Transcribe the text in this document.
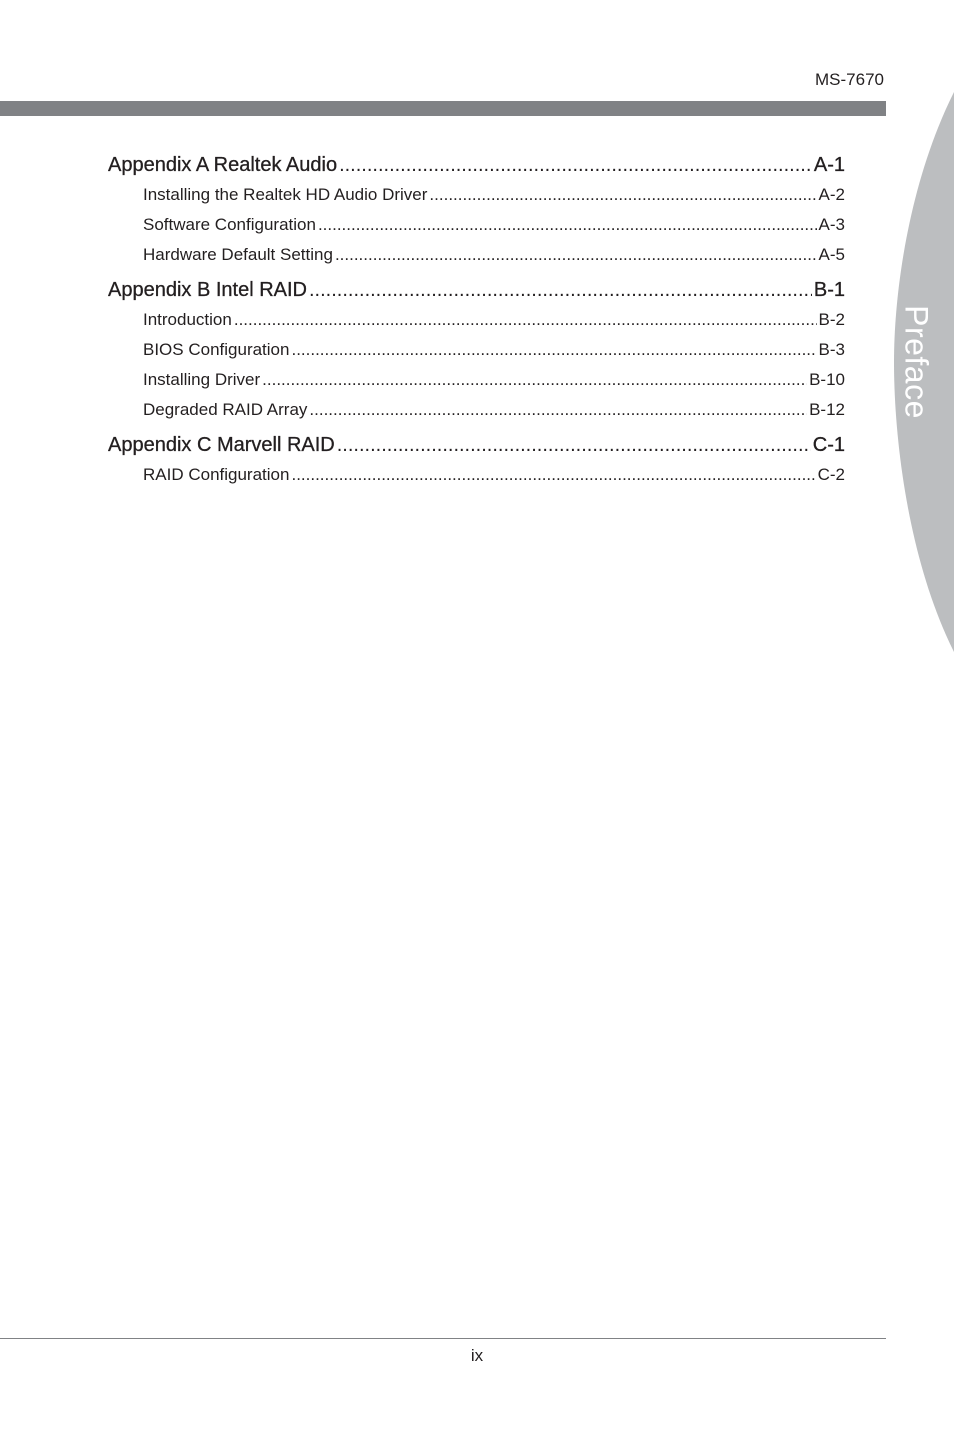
MS-7670
Preface
Appendix A Realtek Audio .....	A-1
Installing the Realtek HD Audio Driver .....	A-2
Software Configuration .....	A-3
Hardware Default Setting .....	A-5
Appendix B Intel RAID .....	B-1
Introduction .....	B-2
BIOS Configuration .....	B-3
Installing Driver .....	B-10
Degraded RAID Array .....	B-12
Appendix C Marvell RAID .....	C-1
RAID Configuration .....	C-2
ix
